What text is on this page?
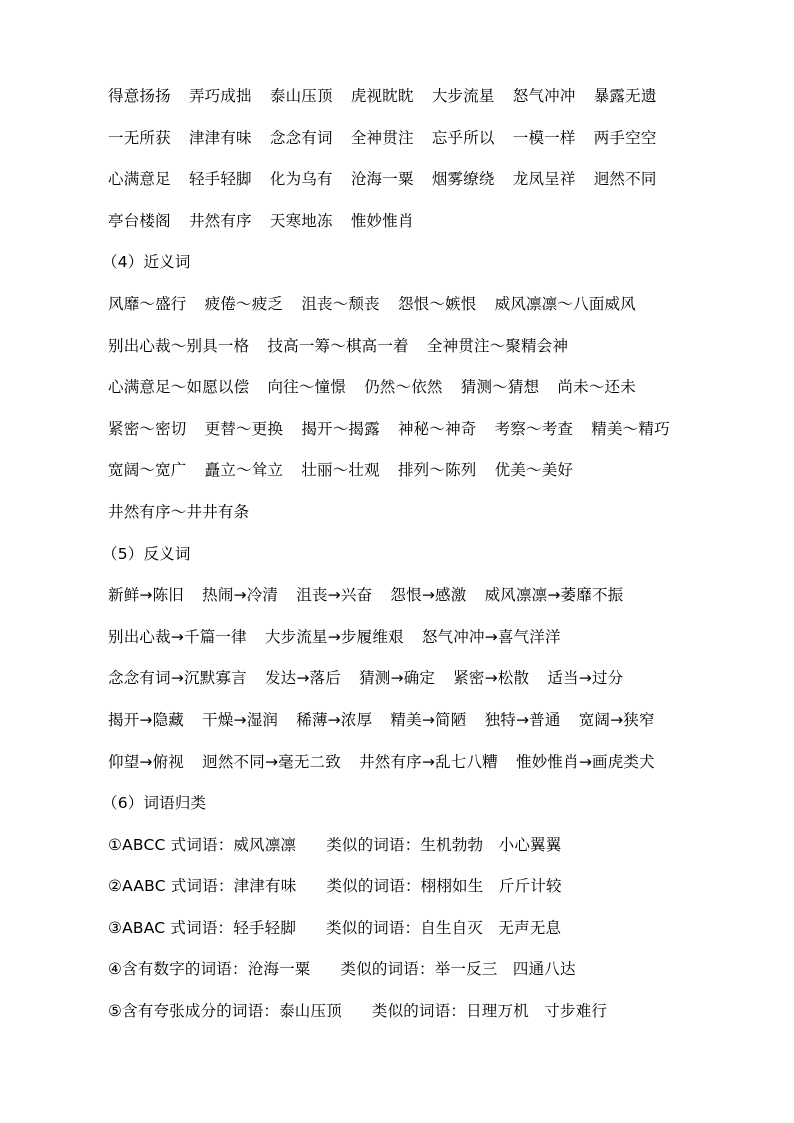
得意扬扬 弄巧成拙 泰山压顶 虎视眈眈 大步流星 怒气冲冲 暴露无遗
一无所获 津津有味 念念有词 全神贯注 忘乎所以 一模一样 两手空空
心满意足 轻手轻脚 化为乌有 沧海一粟 烟雾缭绕 龙凤呈祥 迥然不同
亭台楼阁 井然有序 天寒地冻 惟妙惟肖
（4）近义词
风靡～盛行 疲倦～疲乏 沮丧～颓丧 怨恨～嫉恨 威风凛凛～八面威风
别出心裁～别具一格 技高一筹～棋高一着 全神贯注～聚精会神
心满意足～如愿以偿 向往～憧憬 仍然～依然 猜测～猜想 尚未～还未
紧密～密切 更替～更换 揭开～揭露 神秘～神奇 考察～考查 精美～精巧
宽阔～宽广 矗立～耸立 壮丽～壮观 排列～陈列 优美～美好
井然有序～井井有条
（5）反义词
新鲜→陈旧 热闹→冷清 沮丧→兴奋 怨恨→感激 威风凛凛→萎靡不振
别出心裁→千篇一律 大步流星→步履维艰 怒气冲冲→喜气洋洋
念念有词→沉默寡言 发达→落后 猜测→确定 紧密→松散 适当→过分
揭开→隐藏 干燥→湿润 稀薄→浓厚 精美→简陋 独特→普通 宽阔→狭窄
仰望→俯视 迥然不同→毫无二致 井然有序→乱七八糟 惟妙惟肖→画虎类犬
（6）词语归类
①ABCC 式词语：威风凛凛 类似的词语：生机勃勃 小心翼翼
②AABC 式词语：津津有味 类似的词语：栩栩如生 斤斤计较
③ABAC 式词语：轻手轻脚 类似的词语：自生自灭 无声无息
④含有数字的词语：沧海一粟 类似的词语：举一反三 四通八达
⑤含有夸张成分的词语：泰山压顶 类似的词语：日理万机 寸步难行
